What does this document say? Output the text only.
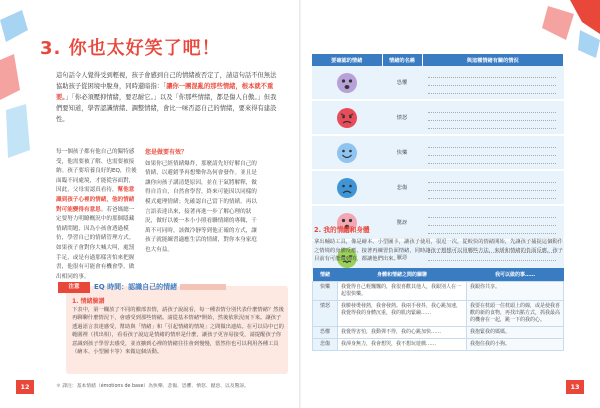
3. 你也太好笑了吧！
這句話令人覺得受到輕視，孩子會感到自己的情緒被否定了，請這句話不但無法協助孩子從困境中脫身，同時還暗指：「讓你一團混亂的那些情緒，根本就不重要。」「你必須壓抑情緒，要忍耐它。」以及「你那些情緒，都是傷人自傲。」但我們要知道，學習認識情緒、調整情緒，會比一味否認自己的情緒，要來得有建設性。
每一個孩子都有他自己的獨特感受，他需要被了解、也需要被接納。孩子要培養良好的EQ，往後面臨不同處境，才能從容面對，因此，父母需認真看待，幫他意識到孩子心裡的情緒，他的情緒對可能變得有意思。若爸媽總一定要努力明瞭概況中的那個隱藏情緒問題，因為小孩會透過模仿，學習自己的情緒管理方式。如果孩子會對你大喊大叫，處罰手足，或是有過那樣害怕來把握書，他很有可能會有機會學，做出相同的事。
您是做要有效？
如果你已經情緒爆炸，那麼請先好好解自己的情緒，以避錯爭再想樂你為何會發作。並且是讓你向孩子講清楚原因，並在于氣將解釋，做得自肯自，自然會學習，終來可能因以同樣的模式處理情緒；先確認自己當下的情緒，再以言語表達出來，接著再進一步了解心理的狀況，做好以後一本小小照看聯情緒的專輯，千萬不可同時，該做冷靜等到他正確的方式，讓孩子就能練習適應生活的情緒，對你本身家庭也大有益。
注意	EQ 時間：認識自己的情緒
1. 情緒臉譜
下表中，第一欄放了不同的臉部表情，請孩子說說看，每一種表情分別代表什麼情緒？然後再聊聊什麼情況下，會感受到那些情緒。請從基本情緒*開始，然後依狀況而下來。讓孩子透過語言表達感受，幫助與「情緒」和「引起情緒的情境」之間做出連結。在可以局中已的範圍裡（找出相），看看孩子說這是情緒的情形是什麼，讓孩子更容易接受，請提醒孩子你意識到孩子學習去感受，並直擴到心裡的情緒往往會到慢慢，當然你也可以利用各種工具（繪本、小型圖卡等）來做這個活動。
＊ 譯注：基本情緒（émotions de base）為快樂、悲傷、恐懼、憤怒、厭惡、以及驚訝。
12
要確認的情緒	情緒的名稱	與這種情緒有關的情況

	恐懼	

	憤怒	

	快樂	

	悲傷	

	驚訝	

	厭惡	
2. 我的情緒和身體
拿出輔助工具，像是繪本、小型圖卡，讓孩子使用，很逗一次，從較快的情緒開始，先讓孩子捕捉這個動作之情境的身體反應，接著再練習負面情緒，同時讓孩子想想可以用哪些方法，來緩和情緒的負面反應，孩子目前有可能做到的，都讓他們出來。
情緒	身體和情緒之間的關聯	我可以做的事……
快樂	我覺得自己輕飄飄的，我很喜歡其他人，我跟別人在一起很快樂。	我跟你共享。
憤怒	我臉發燙發熱，我會發熱。我兩手發抖，我心跳加速，我覺得我的身體沉重，我的肌肉緊繃……	我要在枕頭一住枕頭上的線，或是使我喜歡的新的食物，再找出點方式，抓我最高的機會在一起，跳一下的我的心。
恐懼	我覺得害怕，我動彈不得，我的心跳加快……	我抱緊我的媽媽。
悲傷	我渾身無力，我會想哭，我不想玩遊戲……	我抱住我的小狗。
13
